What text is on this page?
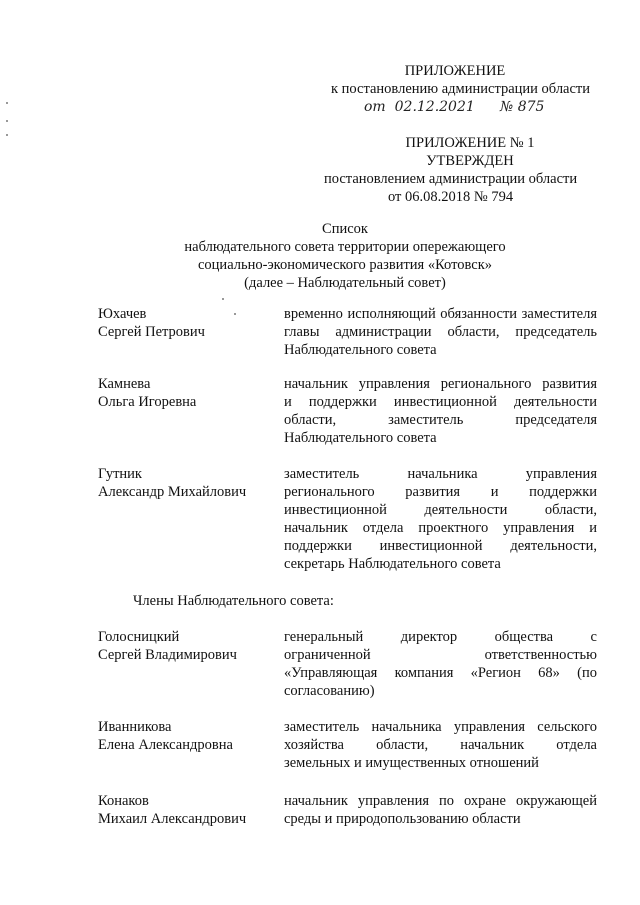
ПРИЛОЖЕНИЕ
к постановлению администрации области
от 02.12.2021 № 875
ПРИЛОЖЕНИЕ № 1
УТВЕРЖДЕН
постановлением администрации области
от 06.08.2018 № 794
Список
наблюдательного совета территории опережающего
социально-экономического развития «Котовск»
(далее – Наблюдательный совет)
Юхачев
Сергей Петрович
временно исполняющий обязанности заместителя
главы администрации области, председатель
Наблюдательного совета
Камнева
Ольга Игоревна
начальник управления регионального развития
и поддержки инвестиционной деятельности
области, заместитель председателя
Наблюдательного совета
Гутник
Александр Михайлович
заместитель начальника управления
регионального развития и поддержки
инвестиционной деятельности области,
начальник отдела проектного управления и
поддержки инвестиционной деятельности,
секретарь Наблюдательного совета
Члены Наблюдательного совета:
Голосницкий
Сергей Владимирович
генеральный директор общества с
ограниченной ответственностью
«Управляющая компания «Регион 68» (по
согласованию)
Иванникова
Елена Александровна
заместитель начальника управления сельского
хозяйства области, начальник отдела
земельных и имущественных отношений
Конаков
Михаил Александрович
начальник управления по охране окружающей
среды и природопользованию области
